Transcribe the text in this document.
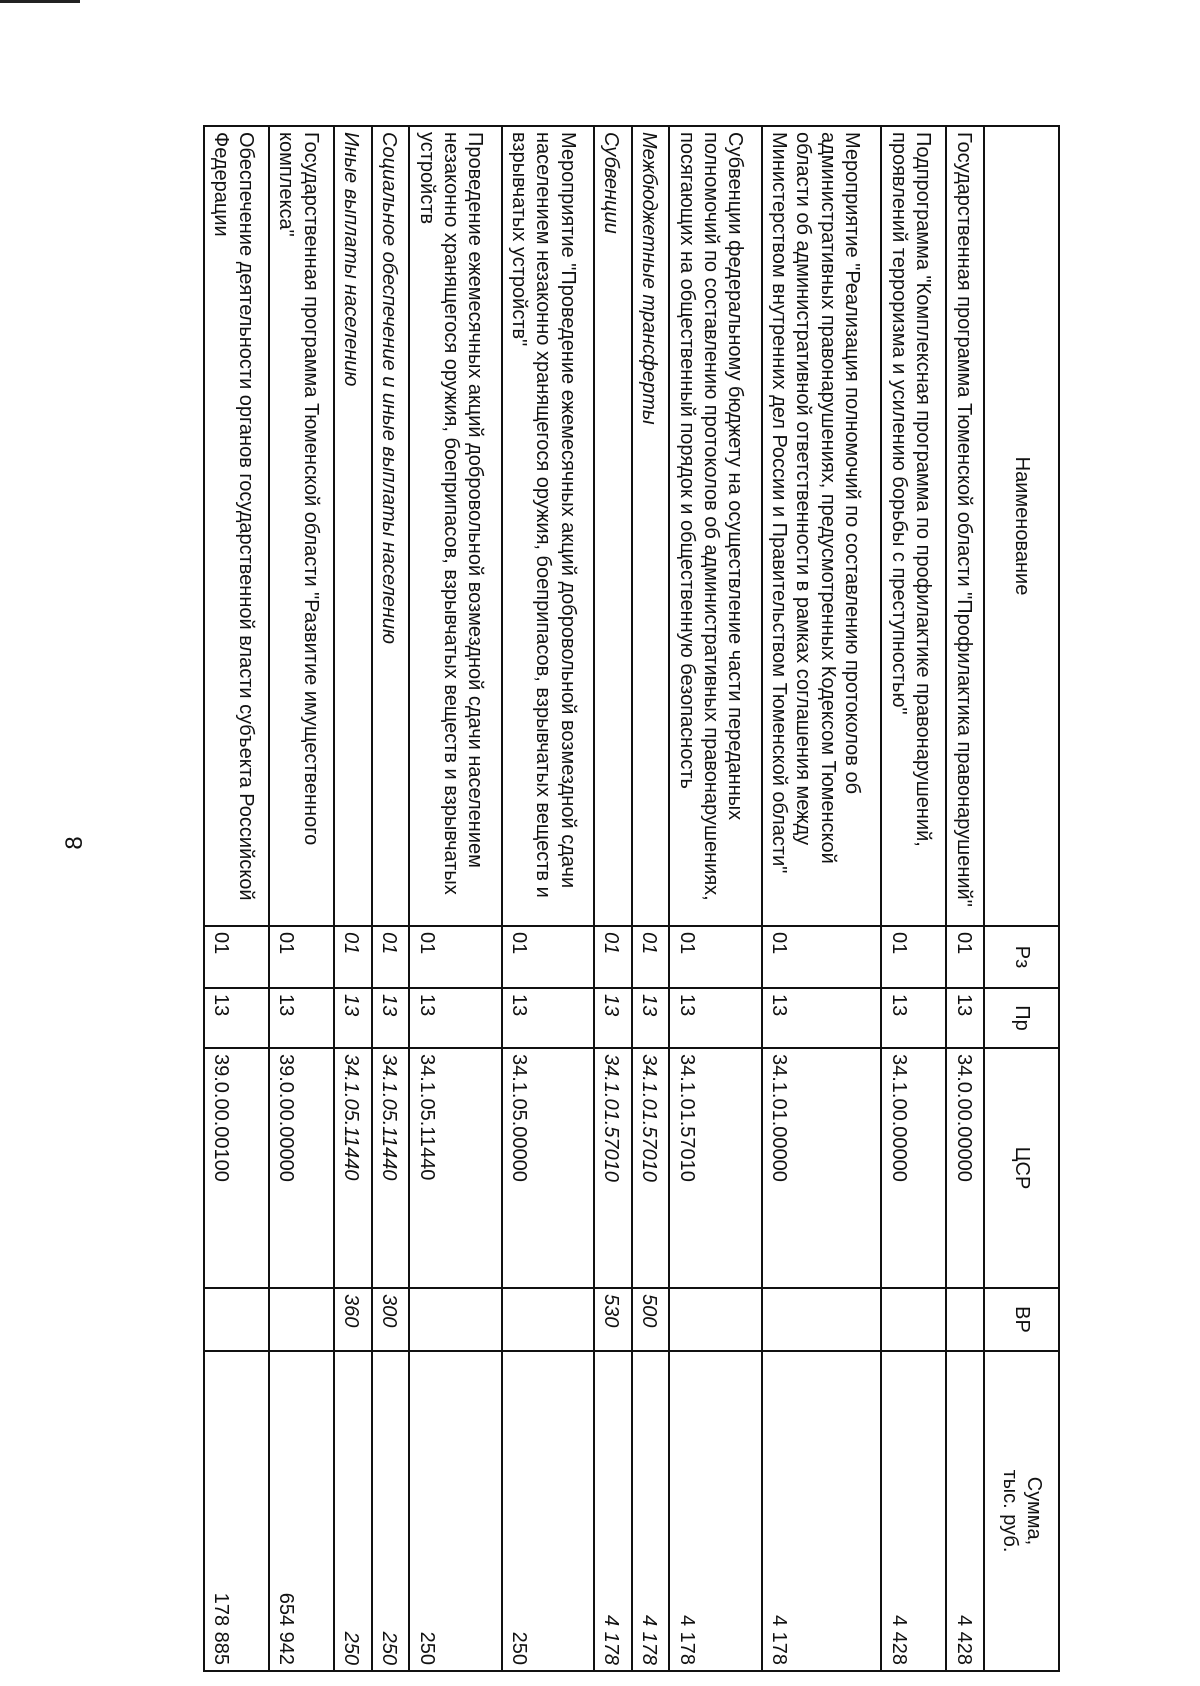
8
Наименование	Рз	Пр	ЦСР	ВР	Сумма,
тыс. руб.
Государственная программа Тюменской области "Профилактика правонарушений"	01	13	34.0.00.00000		4 428
Подпрограмма "Комплексная программа по профилактике правонарушений, проявлений терроризма и усилению борьбы с преступностью"	01	13	34.1.00.00000		4 428
Мероприятие "Реализация полномочий по составлению протоколов об административных правонарушениях, предусмотренных Кодексом Тюменской области об административной ответственности в рамках соглашения между Министерством внутренних дел России и Правительством Тюменской области"	01	13	34.1.01.00000		4 178
Субвенции федеральному бюджету на осуществление части переданных полномочий по составлению протоколов об административных правонарушениях, посягающих на общественный порядок и общественную безопасность	01	13	34.1.01.57010		4 178
Межбюджетные трансферты	01	13	34.1.01.57010	500	4 178
Субвенции	01	13	34.1.01.57010	530	4 178
Мероприятие "Проведение ежемесячных акций добровольной возмездной сдачи населением незаконно хранящегося оружия, боеприпасов, взрывчатых веществ и взрывчатых устройств"	01	13	34.1.05.00000		250
Проведение ежемесячных акций добровольной возмездной сдачи населением незаконно хранящегося оружия, боеприпасов, взрывчатых веществ и взрывчатых устройств	01	13	34.1.05.11440		250
Социальное обеспечение и иные выплаты населению	01	13	34.1.05.11440	300	250
Иные выплаты населению	01	13	34.1.05.11440	360	250
Государственная программа Тюменской области "Развитие имущественного комплекса"	01	13	39.0.00.00000		654 942
Обеспечение деятельности органов государственной власти субъекта Российской Федерации	01	13	39.0.00.00100		178 885
